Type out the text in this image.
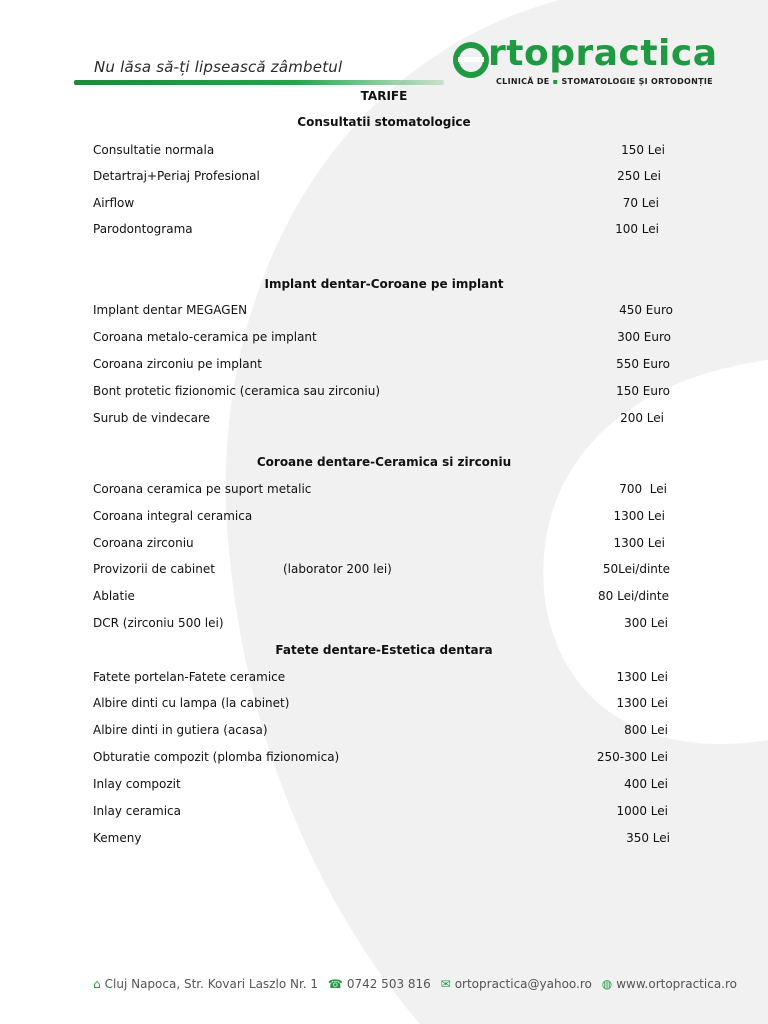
Nu lăsa să-ți lipsească zâmbetul	rtopractica
CLINICĂ DE ▪ STOMATOLOGIE ȘI ORTODONȚIE
TARIFE
Consultatii stomatologice
Consultatie normala	150 Lei
Detartraj+Periaj Profesional	250 Lei
Airflow	70 Lei
Parodontograma	100 Lei
Implant dentar-Coroane pe implant
Implant dentar MEGAGEN	450 Euro
Coroana metalo-ceramica pe implant	300 Euro
Coroana zirconiu pe implant	550 Euro
Bont protetic fizionomic (ceramica sau zirconiu)	150 Euro
Surub de vindecare	200 Lei
Coroane dentare-Ceramica si zirconiu
Coroana ceramica pe suport metalic	700  Lei
Coroana integral ceramica	1300 Lei
Coroana zirconiu	1300 Lei
Provizorii de cabinet	(laborator 200 lei)	50Lei/dinte
Ablatie	80 Lei/dinte
DCR (zirconiu 500 lei)	300 Lei
Fatete dentare-Estetica dentara
Fatete portelan-Fatete ceramice	1300 Lei
Albire dinti cu lampa (la cabinet)	1300 Lei
Albire dinti in gutiera (acasa)	800 Lei
Obturatie compozit (plomba fizionomica)	250-300 Lei
Inlay compozit	400 Lei
Inlay ceramica	1000 Lei
Kemeny	350 Lei
⌂ Cluj Napoca, Str. Kovari Laszlo Nr. 1 ☎ 0742 503 816 ✉ ortopractica@yahoo.ro ◍ www.ortopractica.ro
